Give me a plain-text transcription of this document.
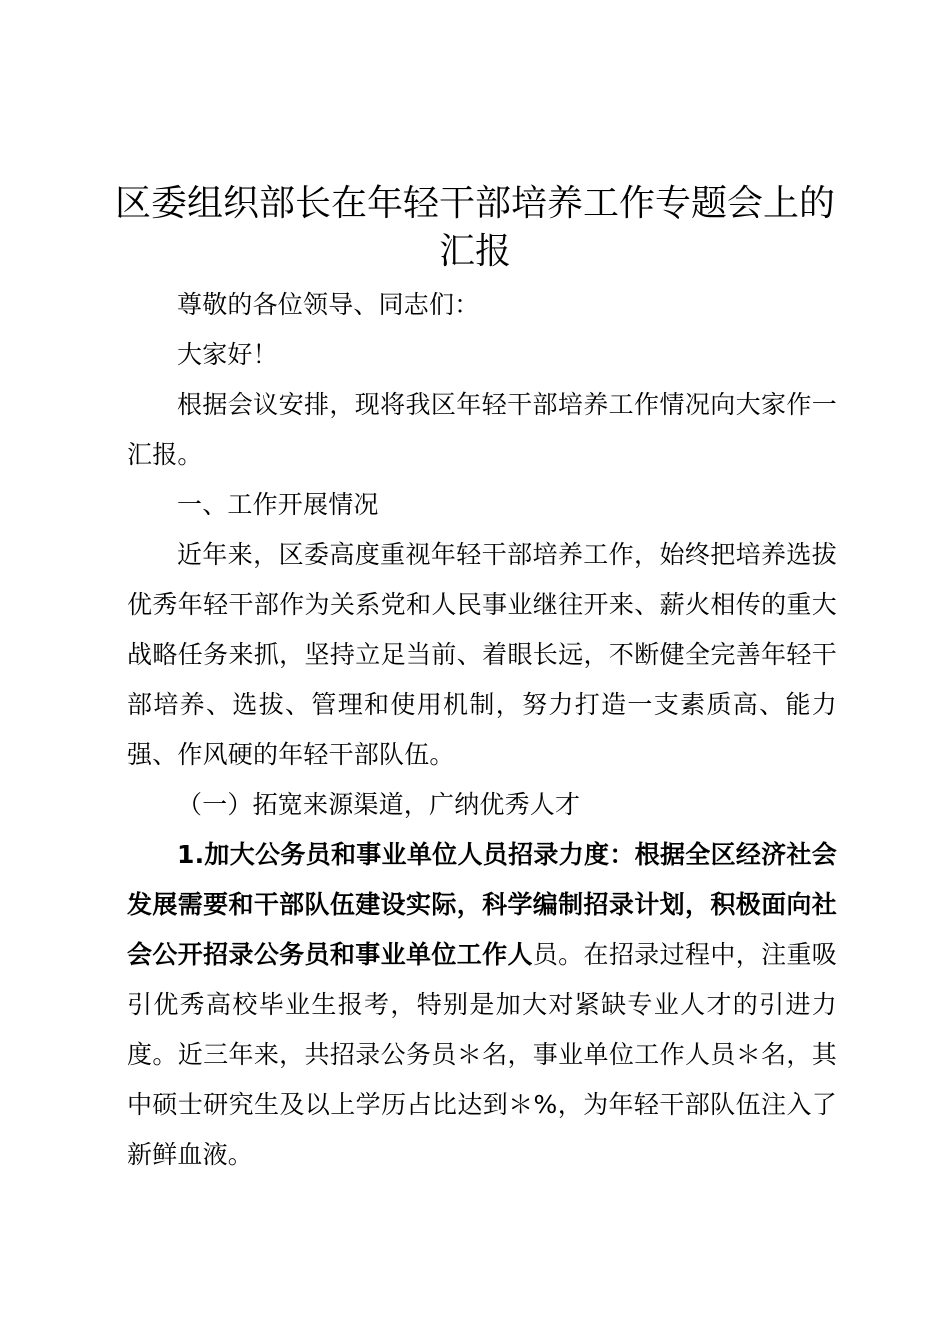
区委组织部长在年轻干部培养工作专题会上的汇报

尊敬的各位领导、同志们：

大家好！

根据会议安排，现将我区年轻干部培养工作情况向大家作一汇报。

一、工作开展情况

近年来，区委高度重视年轻干部培养工作，始终把培养选拔优秀年轻干部作为关系党和人民事业继往开来、薪火相传的重大战略任务来抓，坚持立足当前、着眼长远，不断健全完善年轻干部培养、选拔、管理和使用机制，努力打造一支素质高、能力强、作风硬的年轻干部队伍。

（一）拓宽来源渠道，广纳优秀人才

1.加大公务员和事业单位人员招录力度：根据全区经济社会发展需要和干部队伍建设实际，科学编制招录计划，积极面向社会公开招录公务员和事业单位工作人员。在招录过程中，注重吸引优秀高校毕业生报考，特别是加大对紧缺专业人才的引进力度。近三年来，共招录公务员＊名，事业单位工作人员＊名，其中硕士研究生及以上学历占比达到＊%，为年轻干部队伍注入了新鲜血液。
